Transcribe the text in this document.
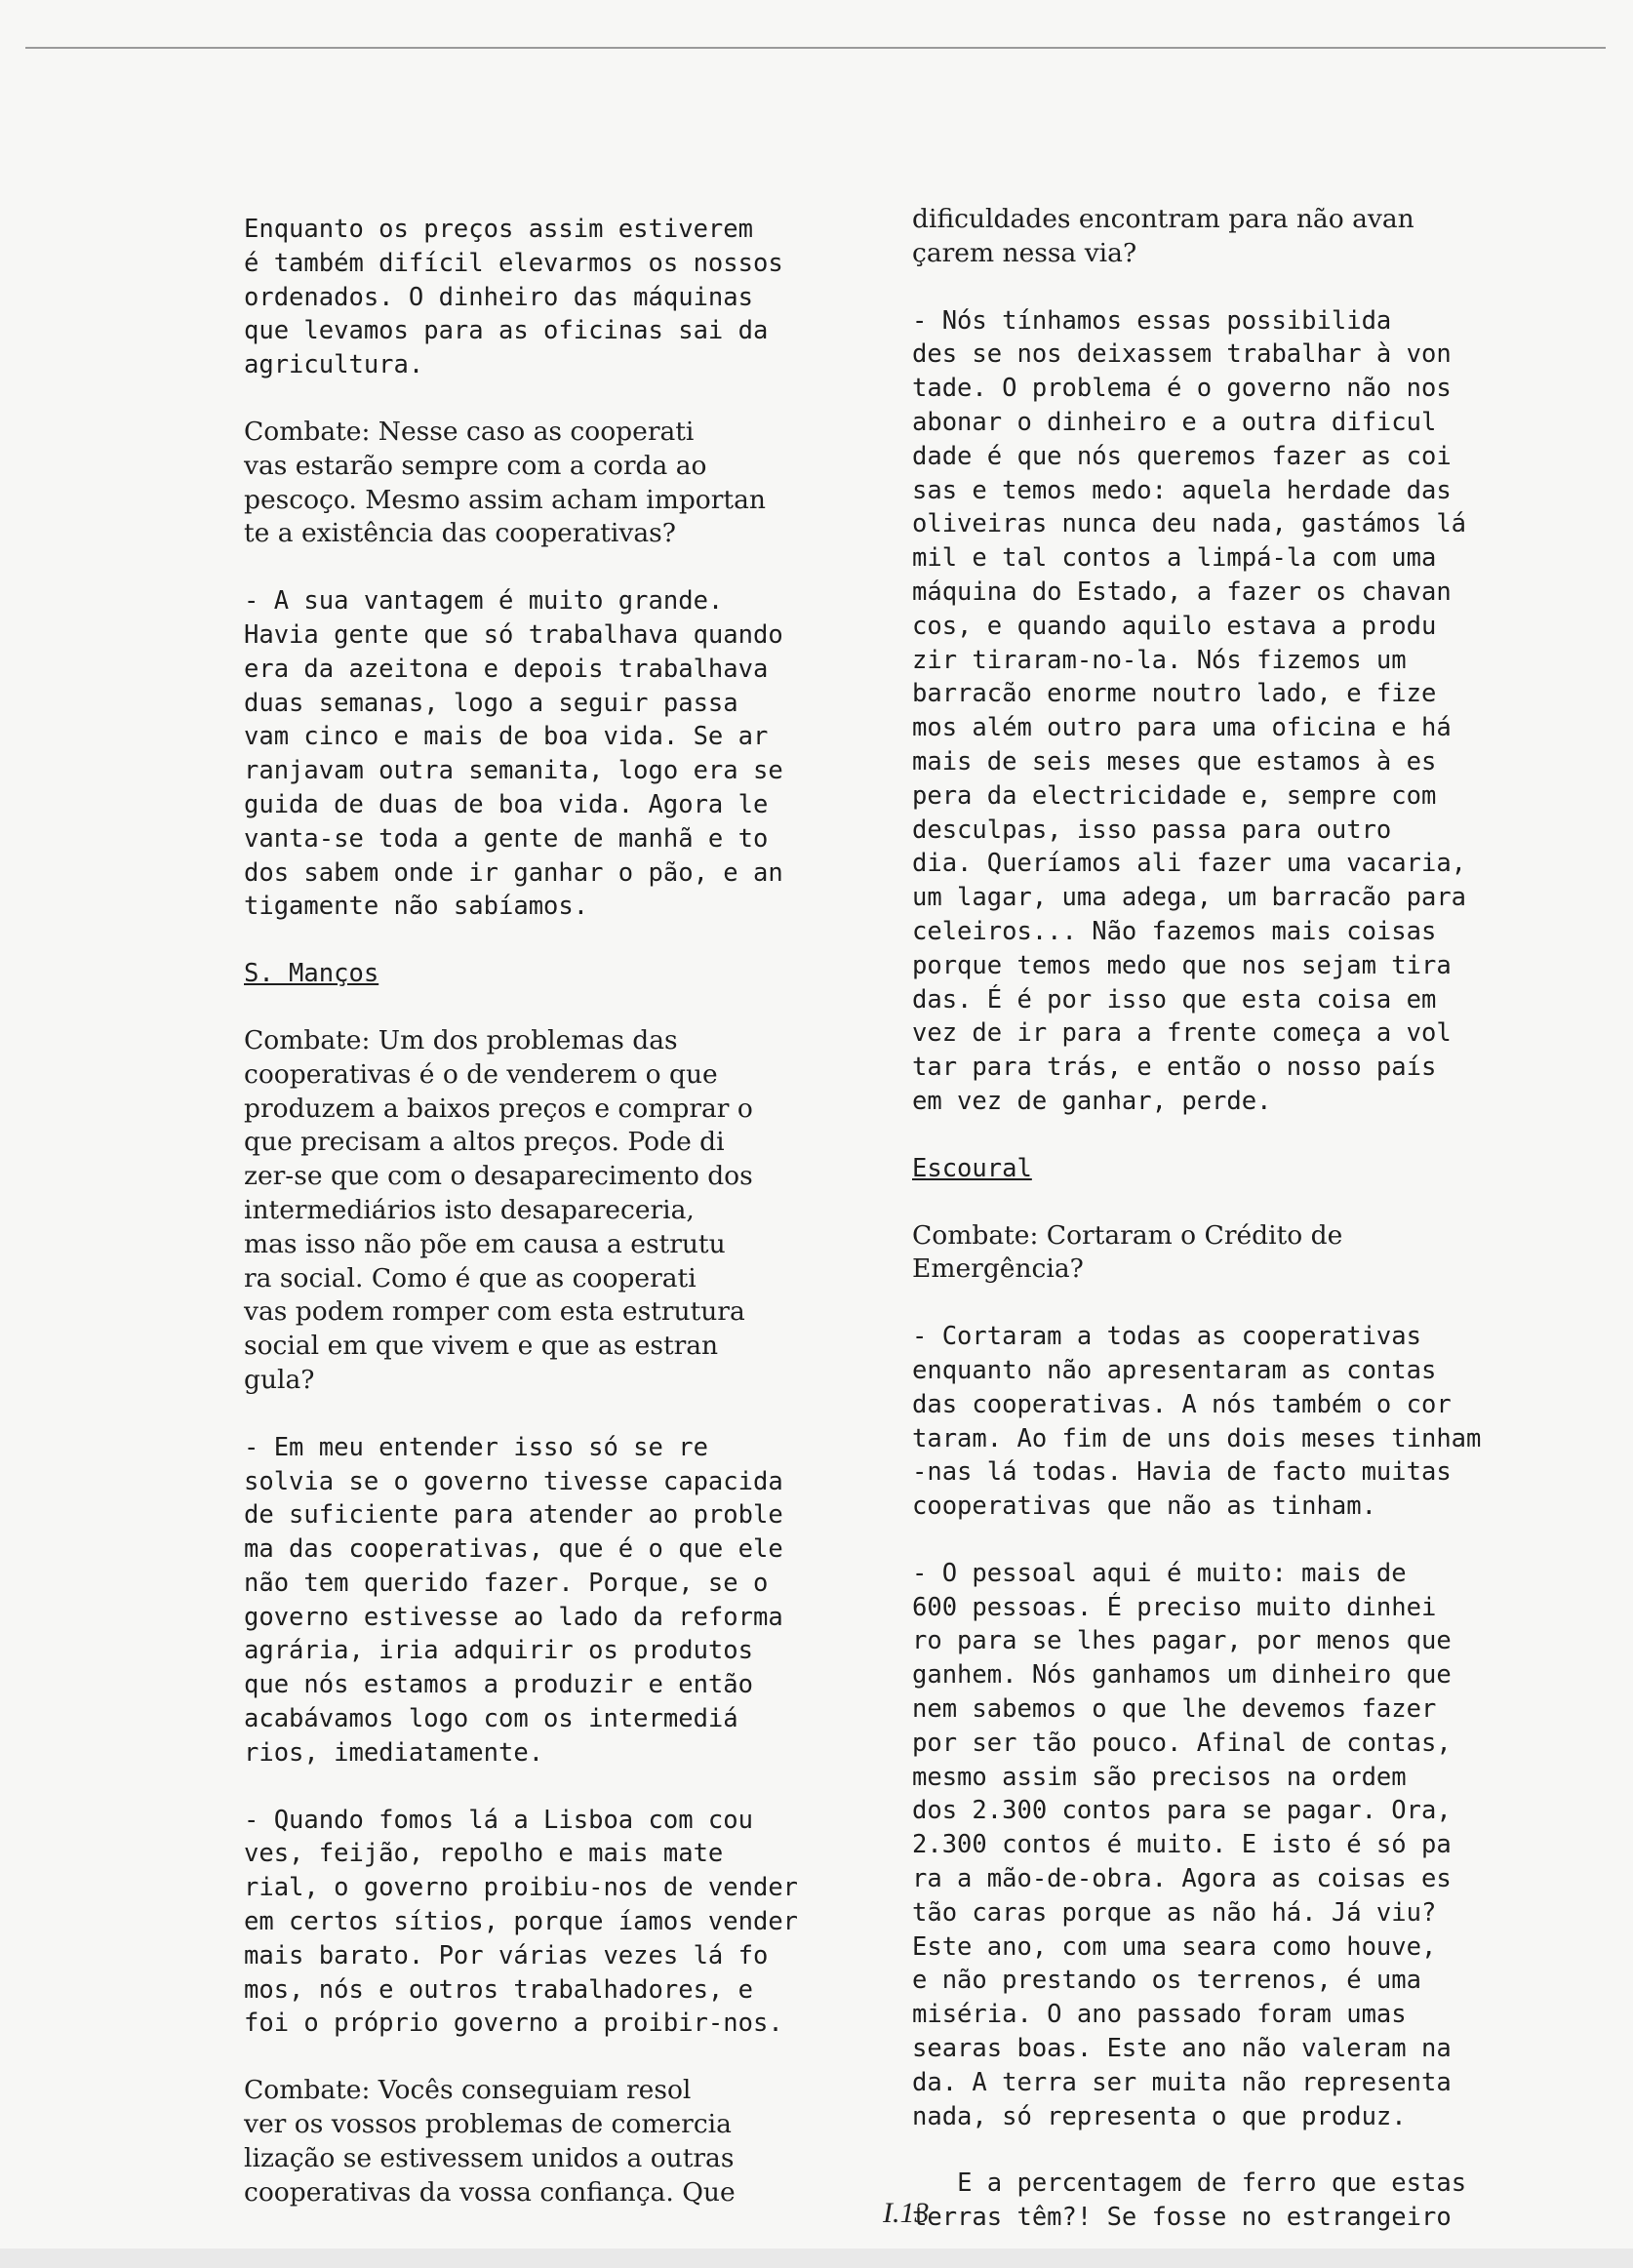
Enquanto os preços assim estiverem
é também difícil elevarmos os nossos
ordenados. O dinheiro das máquinas
que levamos para as oficinas sai da
agricultura.

Combate: Nesse caso as cooperati
vas estarão sempre com a corda ao
pescoço. Mesmo assim acham importan
te a existência das cooperativas?

- A sua vantagem é muito grande.
Havia gente que só trabalhava quando
era da azeitona e depois trabalhava
duas semanas, logo a seguir passa
vam cinco e mais de boa vida. Se ar
ranjavam outra semanita, logo era se
guida de duas de boa vida. Agora le
vanta-se toda a gente de manhã e to
dos sabem onde ir ganhar o pão, e an
tigamente não sabíamos.

S. Manços

Combate: Um dos problemas das
cooperativas é o de venderem o que
produzem a baixos preços e comprar o
que precisam a altos preços. Pode di
zer-se que com o desaparecimento dos
intermediários isto desapareceria,
mas isso não põe em causa a estrutu
ra social. Como é que as cooperati
vas podem romper com esta estrutura
social em que vivem e que as estran
gula?

- Em meu entender isso só se re
solvia se o governo tivesse capacida
de suficiente para atender ao proble
ma das cooperativas, que é o que ele
não tem querido fazer. Porque, se o
governo estivesse ao lado da reforma
agrária, iria adquirir os produtos
que nós estamos a produzir e então
acabávamos logo com os intermediá
rios, imediatamente.

- Quando fomos lá a Lisboa com cou
ves, feijão, repolho e mais mate
rial, o governo proibiu-nos de vender
em certos sítios, porque íamos vender
mais barato. Por várias vezes lá fo
mos, nós e outros trabalhadores, e
foi o próprio governo a proibir-nos.

Combate: Vocês conseguiam resol
ver os vossos problemas de comercia
lização se estivessem unidos a outras
cooperativas da vossa confiança. Que

dificuldades encontram para não avan
çarem nessa via?

- Nós tínhamos essas possibilida
des se nos deixassem trabalhar à von
tade. O problema é o governo não nos
abonar o dinheiro e a outra dificul
dade é que nós queremos fazer as coi
sas e temos medo: aquela herdade das
oliveiras nunca deu nada, gastámos lá
mil e tal contos a limpá-la com uma
máquina do Estado, a fazer os chavan
cos, e quando aquilo estava a produ
zir tiraram-no-la. Nós fizemos um
barracão enorme noutro lado, e fize
mos além outro para uma oficina e há
mais de seis meses que estamos à es
pera da electricidade e, sempre com
desculpas, isso passa para outro
dia. Queríamos ali fazer uma vacaria,
um lagar, uma adega, um barracão para
celeiros... Não fazemos mais coisas
porque temos medo que nos sejam tira
das. É é por isso que esta coisa em
vez de ir para a frente começa a vol
tar para trás, e então o nosso país
em vez de ganhar, perde.

Escoural

Combate: Cortaram o Crédito de
Emergência?

- Cortaram a todas as cooperativas
enquanto não apresentaram as contas
das cooperativas. A nós também o cor
taram. Ao fim de uns dois meses tinham
-nas lá todas. Havia de facto muitas
cooperativas que não as tinham.

- O pessoal aqui é muito: mais de
600 pessoas. É preciso muito dinhei
ro para se lhes pagar, por menos que
ganhem. Nós ganhamos um dinheiro que
nem sabemos o que lhe devemos fazer
por ser tão pouco. Afinal de contas,
mesmo assim são precisos na ordem
dos 2.300 contos para se pagar. Ora,
2.300 contos é muito. E isto é só pa
ra a mão-de-obra. Agora as coisas es
tão caras porque as não há. Já viu?
Este ano, com uma seara como houve,
e não prestando os terrenos, é uma
miséria. O ano passado foram umas
searas boas. Este ano não valeram na
da. A terra ser muita não representa
nada, só representa o que produz.

E a percentagem de ferro que estas
terras têm?! Se fosse no estrangeiro

I.13
